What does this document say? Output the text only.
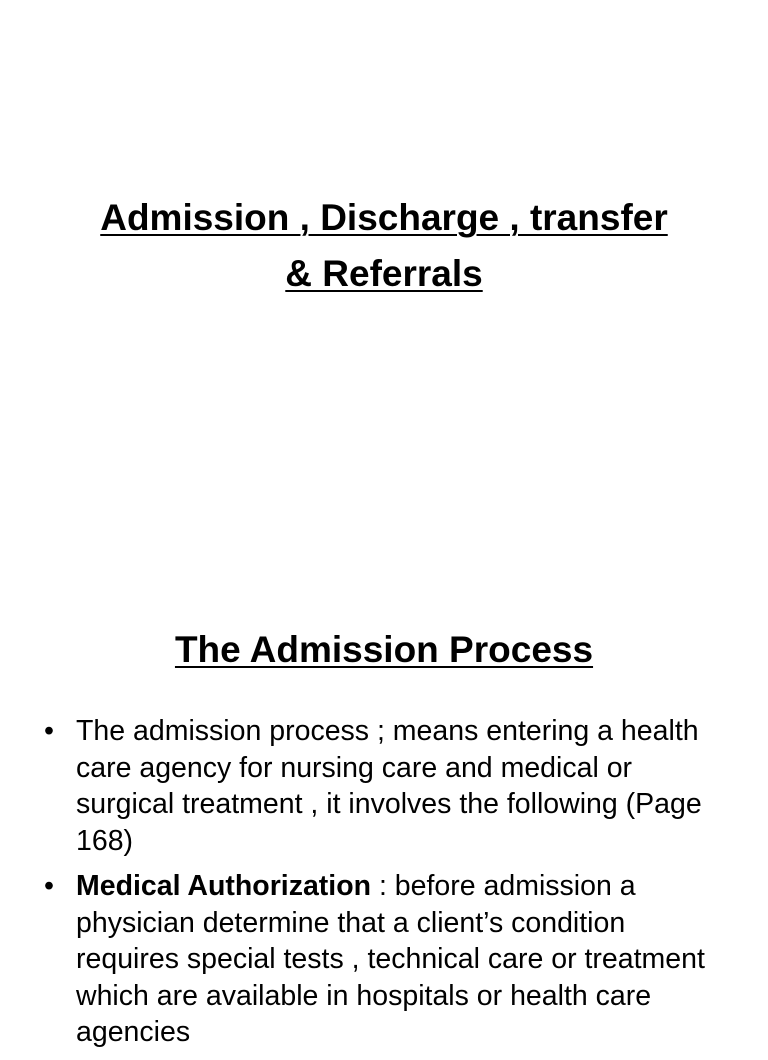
Admission , Discharge , transfer
& Referrals
The Admission Process
• The admission process ; means entering a health care agency for nursing care and medical or surgical treatment , it involves the following (Page 168)
• Medical Authorization : before admission a physician determine that a client’s condition requires special tests , technical care or treatment which are available in hospitals or health care agencies
